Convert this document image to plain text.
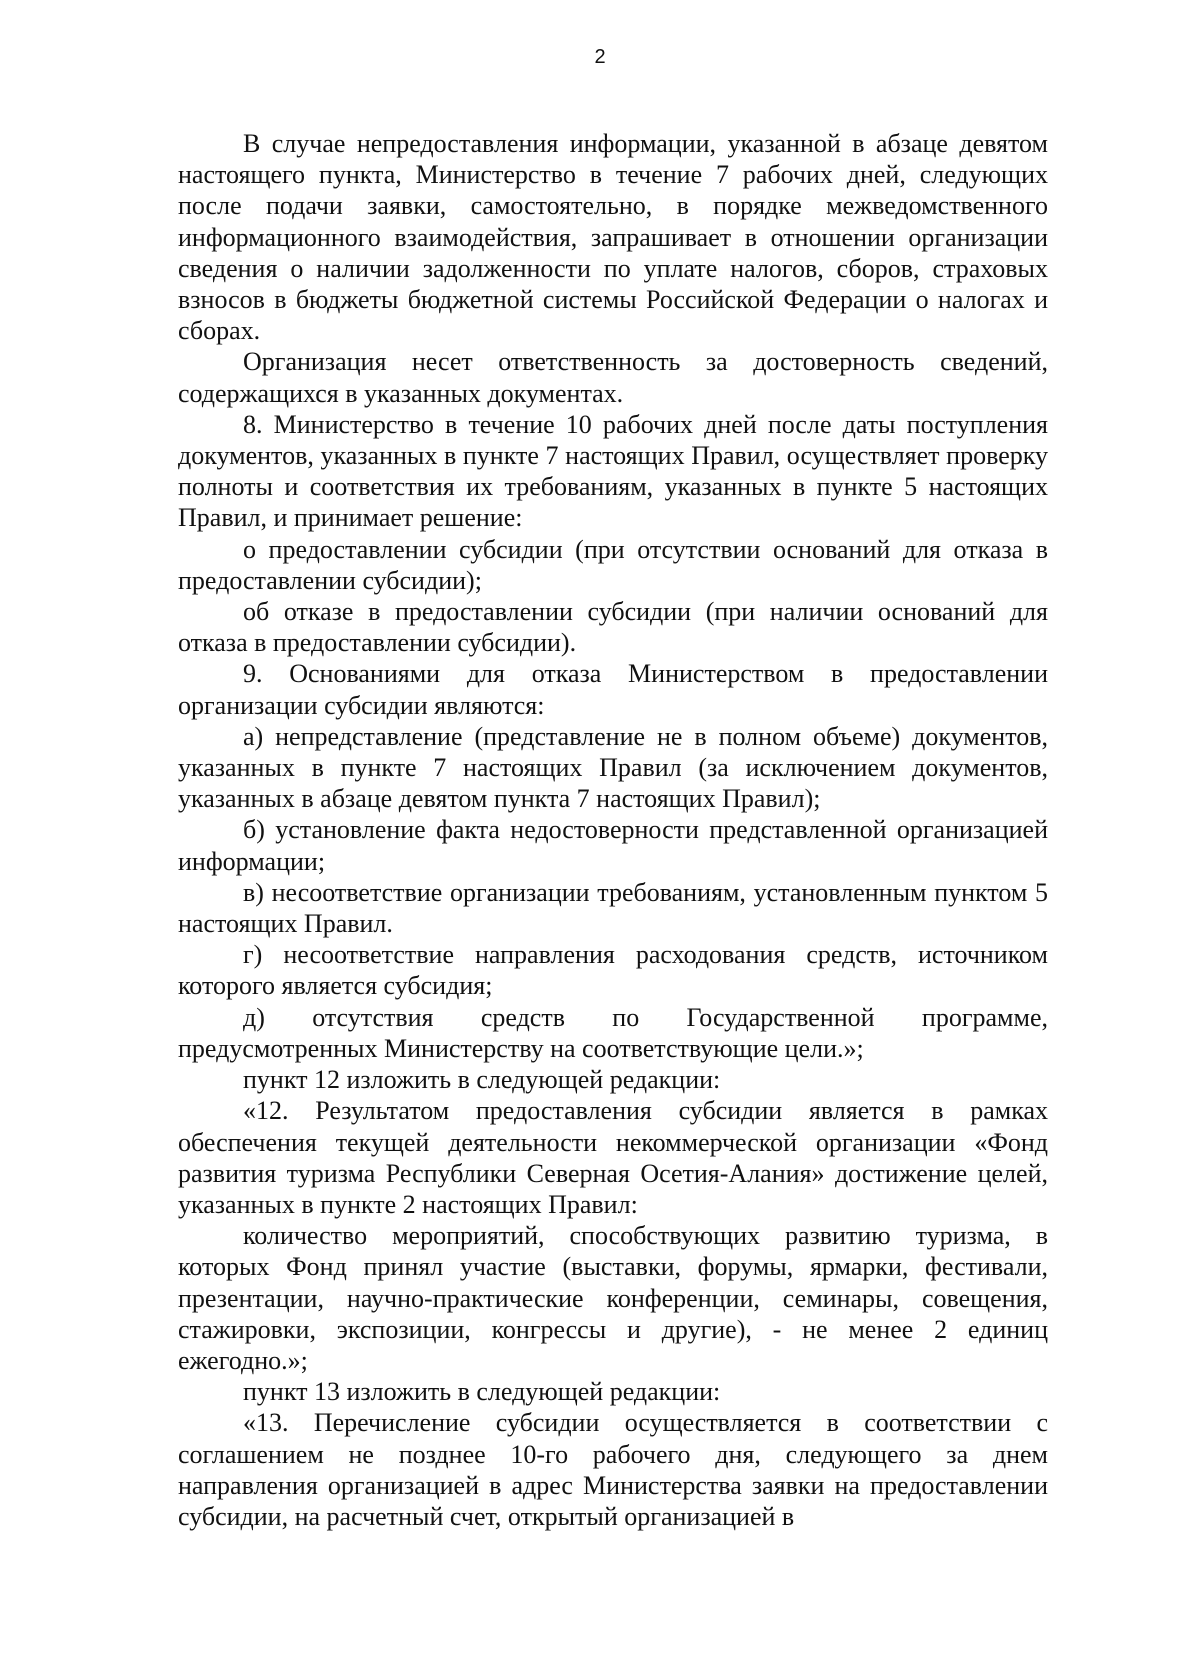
2

В случае непредоставления информации, указанной в абзаце девятом настоящего пункта, Министерство в течение 7 рабочих дней, следующих после подачи заявки, самостоятельно, в порядке межведомственного информационного взаимодействия, запрашивает в отношении организации сведения о наличии задолженности по уплате налогов, сборов, страховых взносов в бюджеты бюджетной системы Российской Федерации о налогах и сборах.

Организация несет ответственность за достоверность сведений, содержащихся в указанных документах.

8. Министерство в течение 10 рабочих дней после даты поступления документов, указанных в пункте 7 настоящих Правил, осуществляет проверку полноты и соответствия их требованиям, указанных в пункте 5 настоящих Правил, и принимает решение:

о предоставлении субсидии (при отсутствии оснований для отказа в предоставлении субсидии);

об отказе в предоставлении субсидии (при наличии оснований для отказа в предоставлении субсидии).

9. Основаниями для отказа Министерством в предоставлении организации субсидии являются:

а) непредставление (представление не в полном объеме) документов, указанных в пункте 7 настоящих Правил (за исключением документов, указанных в абзаце девятом пункта 7 настоящих Правил);

б) установление факта недостоверности представленной организацией информации;

в) несоответствие организации требованиям, установленным пунктом 5 настоящих Правил.

г) несоответствие направления расходования средств, источником которого является субсидия;

д) отсутствия средств по Государственной программе, предусмотренных Министерству на соответствующие цели.»;

пункт 12 изложить в следующей редакции:

«12. Результатом предоставления субсидии является в рамках обеспечения текущей деятельности некоммерческой организации «Фонд развития туризма Республики Северная Осетия-Алания» достижение целей, указанных в пункте 2 настоящих Правил:

количество мероприятий, способствующих развитию туризма, в которых Фонд принял участие (выставки, форумы, ярмарки, фестивали, презентации, научно-практические конференции, семинары, совещения, стажировки, экспозиции, конгрессы и другие), - не менее 2 единиц ежегодно.»;

пункт 13 изложить в следующей редакции:

«13. Перечисление субсидии осуществляется в соответствии с соглашением не позднее 10-го рабочего дня, следующего за днем направления организацией в адрес Министерства заявки на предоставлении субсидии, на расчетный счет, открытый организацией в
